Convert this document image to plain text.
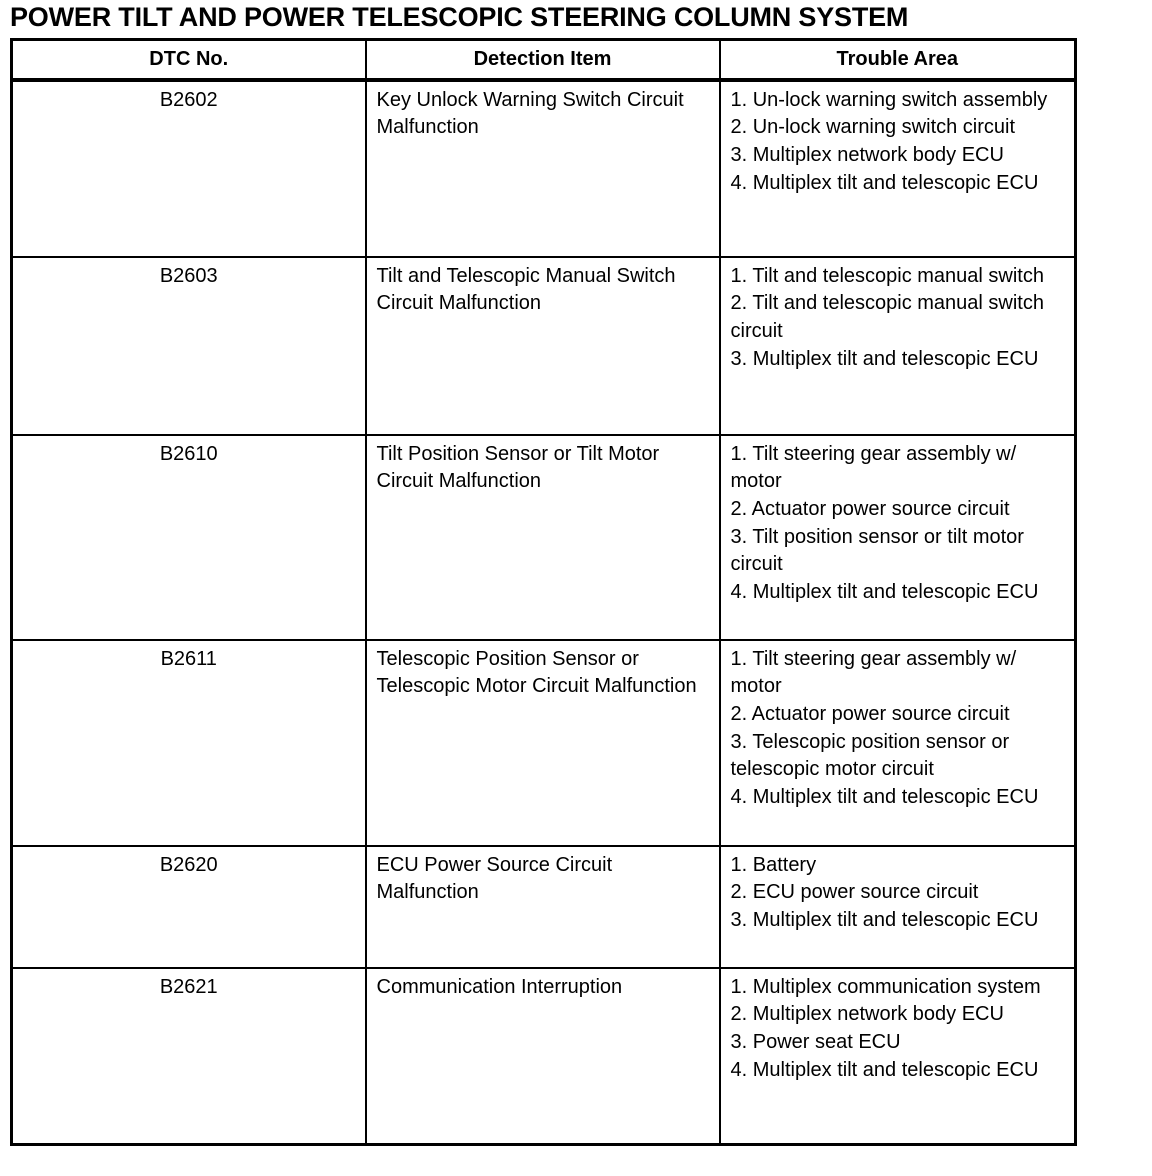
POWER TILT AND POWER TELESCOPIC STEERING COLUMN SYSTEM
DTC No.	Detection Item	Trouble Area
B2602	Key Unlock Warning Switch Circuit Malfunction	1. Un-lock warning switch assembly
2. Un-lock warning switch circuit
3. Multiplex network body ECU
4. Multiplex tilt and telescopic ECU

B2603	Tilt and Telescopic Manual Switch Circuit Malfunction	1. Tilt and telescopic manual switch
2. Tilt and telescopic manual switch circuit
3. Multiplex tilt and telescopic ECU

B2610	Tilt Position Sensor or Tilt Motor Circuit Malfunction	1. Tilt steering gear assembly w/ motor
2. Actuator power source circuit
3. Tilt position sensor or tilt motor circuit
4. Multiplex tilt and telescopic ECU

B2611	Telescopic Position Sensor or Telescopic Motor Circuit Malfunction	1. Tilt steering gear assembly w/ motor
2. Actuator power source circuit
3. Telescopic position sensor or telescopic motor circuit
4. Multiplex tilt and telescopic ECU

B2620	ECU Power Source Circuit Malfunction	1. Battery
2. ECU power source circuit
3. Multiplex tilt and telescopic ECU

B2621	Communication Interruption	1. Multiplex communication system
2. Multiplex network body ECU
3. Power seat ECU
4. Multiplex tilt and telescopic ECU
